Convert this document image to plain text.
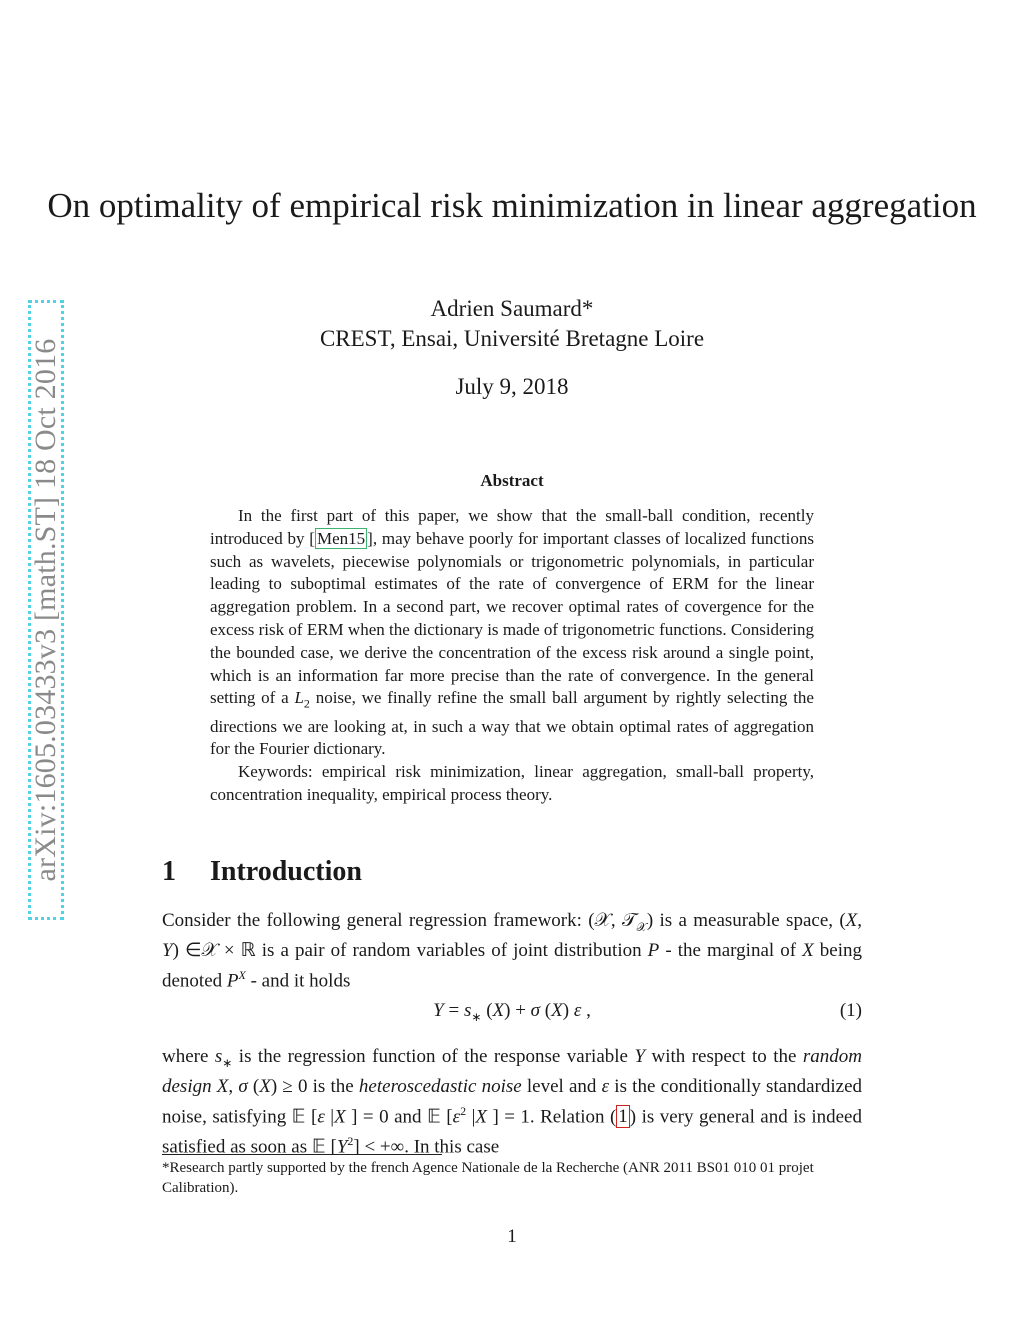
arXiv:1605.03433v3 [math.ST] 18 Oct 2016
On optimality of empirical risk minimization in linear aggregation
Adrien Saumard*
CREST, Ensai, Université Bretagne Loire
July 9, 2018
Abstract

In the first part of this paper, we show that the small-ball condition, recently introduced by [ Men15 ], may behave poorly for important classes of localized functions such as wavelets, piecewise polynomials or trigonometric polynomials, in particular leading to suboptimal estimates of the rate of convergence of ERM for the linear aggregation problem. In a second part, we recover optimal rates of covergence for the excess risk of ERM when the dictionary is made of trigonometric functions. Considering the bounded case, we derive the concentration of the excess risk around a single point, which is an information far more precise than the rate of convergence. In the general setting of a $L_2$ noise, we finally refine the small ball argument by rightly selecting the directions we are looking at, in such a way that we obtain optimal rates of aggregation for the Fourier dictionary.

Keywords: empirical risk minimization, linear aggregation, small-ball property, concentration inequality, empirical process theory.

1 Introduction
Consider the following general regression framework: (𝒳, 𝒯$_𝒳$) is a measurable space, (X, Y) ∈𝒳 × ℝ is a pair of random variables of joint distribution P - the marginal of X being denoted $P^X$ - and it holds
$Y = s_∗$ (X) + σ (X) ε ,	(1)
where $s_∗$ is the regression function of the response variable Y with respect to the random design X, σ (X) ≥ 0 is the heteroscedastic noise level and ε is the conditionally standardized noise, satisfying 𝔼 [ε |X ] = 0 and 𝔼 [$\varepsilon^2$ |X ] = 1. Relation ( 1 ) is very general and is indeed satisfied as soon as 𝔼 $[Y^2]$ < +∞. In this case
*Research partly supported by the french Agence Nationale de la Recherche (ANR 2011 BS01 010 01 projet Calibration).
1
